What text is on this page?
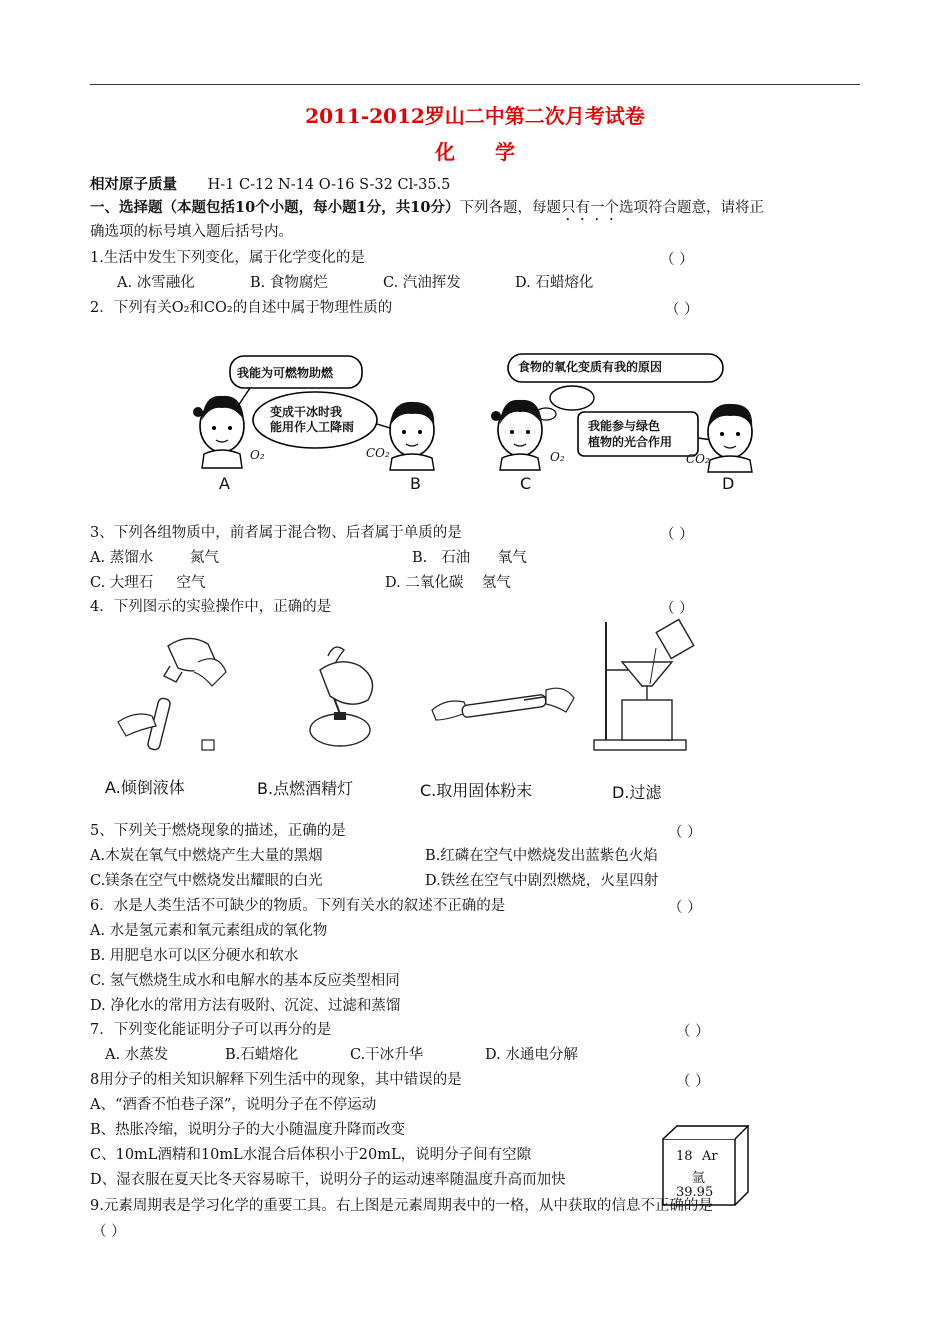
2011-2012罗山二中第二次月考试卷
化学
相对原子质量 H-1 C-12 N-14 O-16 S-32 Cl-35.5
一、选择题（本题包括10个小题，每小题1分，共10分）下列各题，每题只有一个选项符合题意，请将正
确选项的标号填入题后括号内。
1.生活中发生下列变化，属于化学变化的是	（ ）
A. 冰雪融化	B. 食物腐烂	C. 汽油挥发	D. 石蜡熔化
2．下列有关O₂和CO₂的自述中属于物理性质的	（ ）
我能为可燃物助燃
变成干冰时我
能用作人工降雨
O₂	CO₂
食物的氧化变质有我的原因
我能参与绿色
植物的光合作用
O₂	CO₂
A	B	C	D
3、下列各组物质中，前者属于混合物、后者属于单质的是	（ ）
A. 蒸馏水        氮气	B.   石油      氧气
C. 大理石     空气	D. 二氧化碳    氢气
4．下列图示的实验操作中，正确的是	（ ）
A.倾倒液体	B.点燃酒精灯	C.取用固体粉末	D.过滤
5、下列关于燃烧现象的描述，正确的是	（ ）
A.木炭在氧气中燃烧产生大量的黑烟	B.红磷在空气中燃烧发出蓝紫色火焰
C.镁条在空气中燃烧发出耀眼的白光	D.铁丝在空气中剧烈燃烧，火星四射
6．水是人类生活不可缺少的物质。下列有关水的叙述不正确的是	（ ）
A. 水是氢元素和氧元素组成的氧化物
B. 用肥皂水可以区分硬水和软水
C. 氢气燃烧生成水和电解水的基本反应类型相同
D. 净化水的常用方法有吸附、沉淀、过滤和蒸馏
7．下列变化能证明分子可以再分的是	（ ）
A. 水蒸发	B.石蜡熔化	C.干冰升华	D. 水通电分解
8用分子的相关知识解释下列生活中的现象，其中错误的是	（ ）
A、“酒香不怕巷子深”，说明分子在不停运动
B、热胀冷缩，说明分子的大小随温度升降而改变
C、10mL酒精和10mL水混合后体积小于20mL，说明分子间有空隙
D、湿衣服在夏天比冬天容易晾干，说明分子的运动速率随温度升高而加快
18 Ar
氩
39.95
9.元素周期表是学习化学的重要工具。右上图是元素周期表中的一格，从中获取的信息不正确的是
（ ）
